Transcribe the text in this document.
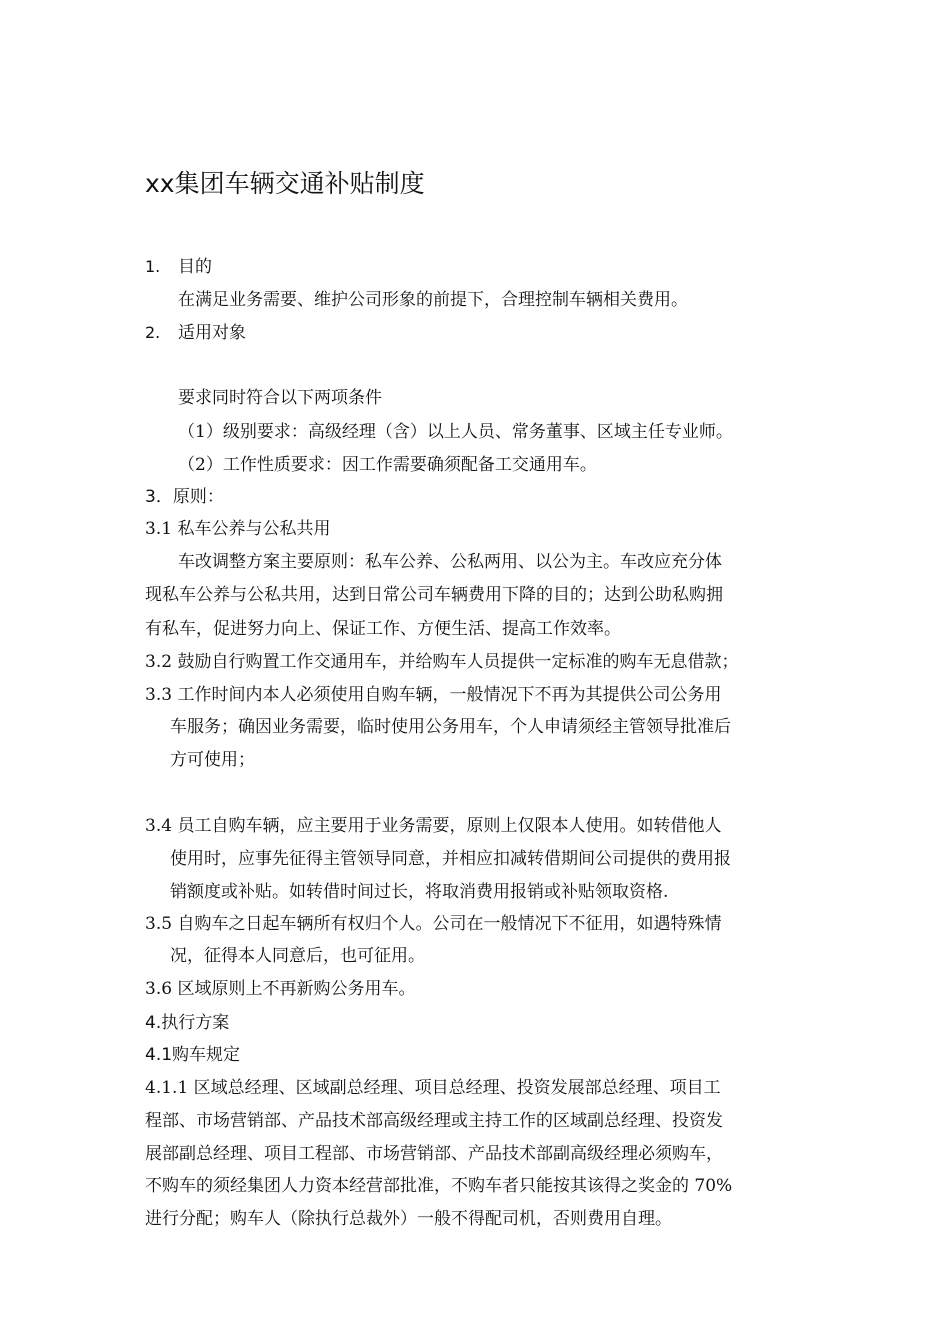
xx集团车辆交通补贴制度
1. 目的
在满足业务需要、维护公司形象的前提下，合理控制车辆相关费用。
2. 适用对象
要求同时符合以下两项条件
（1）级别要求：高级经理（含）以上人员、常务董事、区域主任专业师。
（2）工作性质要求：因工作需要确须配备工交通用车。
3．原则：
3.1 私车公养与公私共用
车改调整方案主要原则：私车公养、公私两用、以公为主。车改应充分体
现私车公养与公私共用，达到日常公司车辆费用下降的目的；达到公助私购拥
有私车，促进努力向上、保证工作、方便生活、提高工作效率。
3.2 鼓励自行购置工作交通用车，并给购车人员提供一定标准的购车无息借款；
3.3 工作时间内本人必须使用自购车辆，一般情况下不再为其提供公司公务用
车服务；确因业务需要，临时使用公务用车，个人申请须经主管领导批准后
方可使用；
3.4 员工自购车辆，应主要用于业务需要，原则上仅限本人使用。如转借他人
使用时，应事先征得主管领导同意，并相应扣减转借期间公司提供的费用报
销额度或补贴。如转借时间过长，将取消费用报销或补贴领取资格.
3.5 自购车之日起车辆所有权归个人。公司在一般情况下不征用，如遇特殊情
况，征得本人同意后，也可征用。
3.6 区域原则上不再新购公务用车。
4.执行方案
4.1购车规定
4.1.1 区域总经理、区域副总经理、项目总经理、投资发展部总经理、项目工
程部、市场营销部、产品技术部高级经理或主持工作的区域副总经理、投资发
展部副总经理、项目工程部、市场营销部、产品技术部副高级经理必须购车，
不购车的须经集团人力资本经营部批准，不购车者只能按其该得之奖金的 70%
进行分配；购车人（除执行总裁外）一般不得配司机，否则费用自理。
